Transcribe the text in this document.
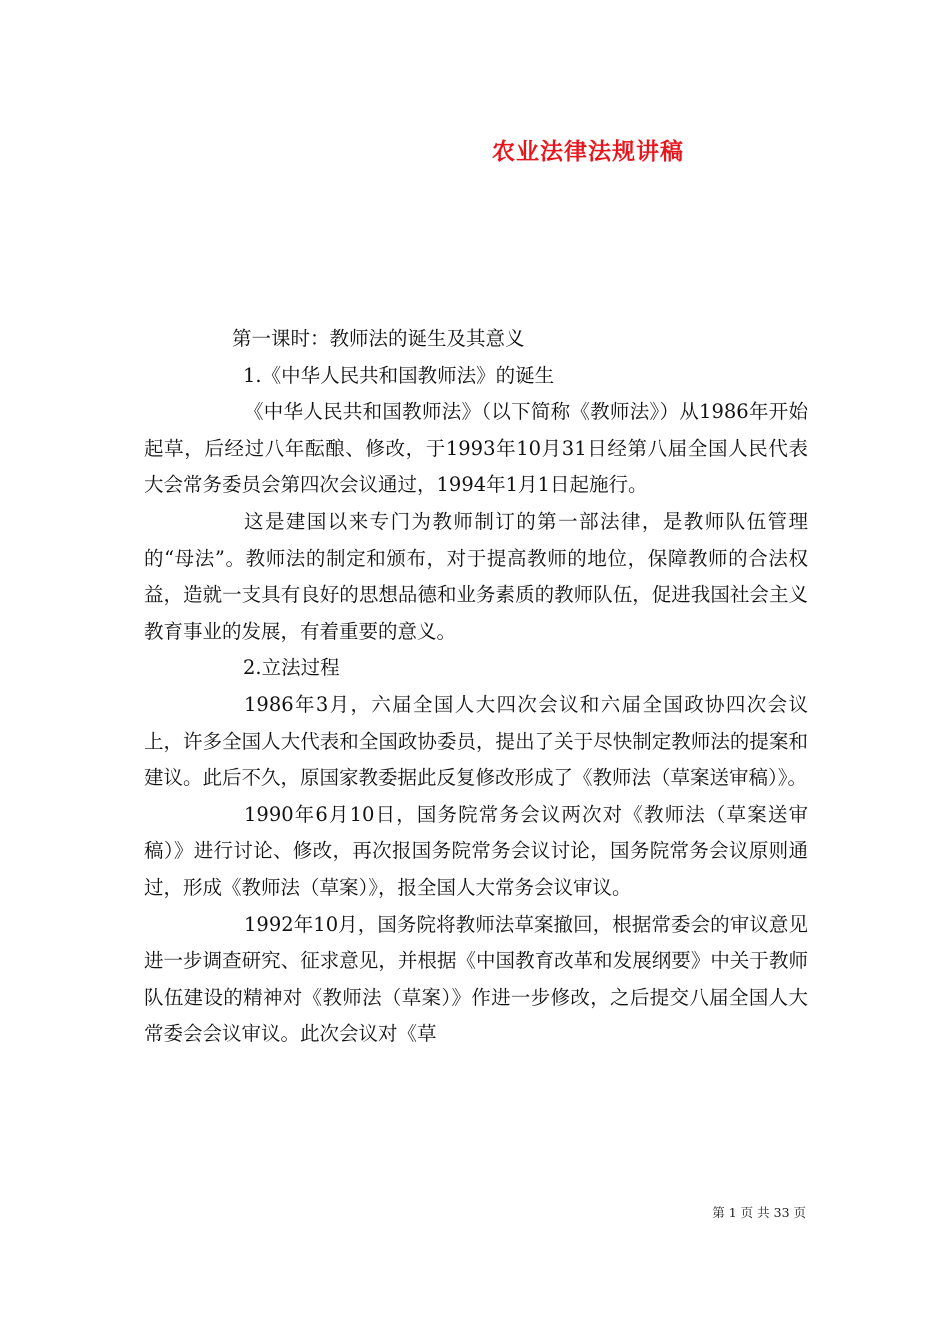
农业法律法规讲稿

第一课时：教师法的诞生及其意义

1.《中华人民共和国教师法》的诞生

《中华人民共和国教师法》（以下简称《教师法》）从1986年开始起草，后经过八年酝酿、修改，于1993年10月31日经第八届全国人民代表大会常务委员会第四次会议通过，1994年1月1日起施行。

这是建国以来专门为教师制订的第一部法律，是教师队伍管理的“母法”。教师法的制定和颁布，对于提高教师的地位，保障教师的合法权益，造就一支具有良好的思想品德和业务素质的教师队伍，促进我国社会主义教育事业的发展，有着重要的意义。

2.立法过程

1986年3月，六届全国人大四次会议和六届全国政协四次会议上，许多全国人大代表和全国政协委员，提出了关于尽快制定教师法的提案和建议。此后不久，原国家教委据此反复修改形成了《教师法（草案送审稿）》。

1990年6月10日，国务院常务会议两次对《教师法（草案送审稿）》进行讨论、修改，再次报国务院常务会议讨论，国务院常务会议原则通过，形成《教师法（草案）》，报全国人大常务会议审议。

1992年10月，国务院将教师法草案撤回，根据常委会的审议意见进一步调查研究、征求意见，并根据《中国教育改革和发展纲要》中关于教师队伍建设的精神对《教师法（草案）》作进一步修改，之后提交八届全国人大常委会会议审议。此次会议对《草

第 1 页 共 33 页
